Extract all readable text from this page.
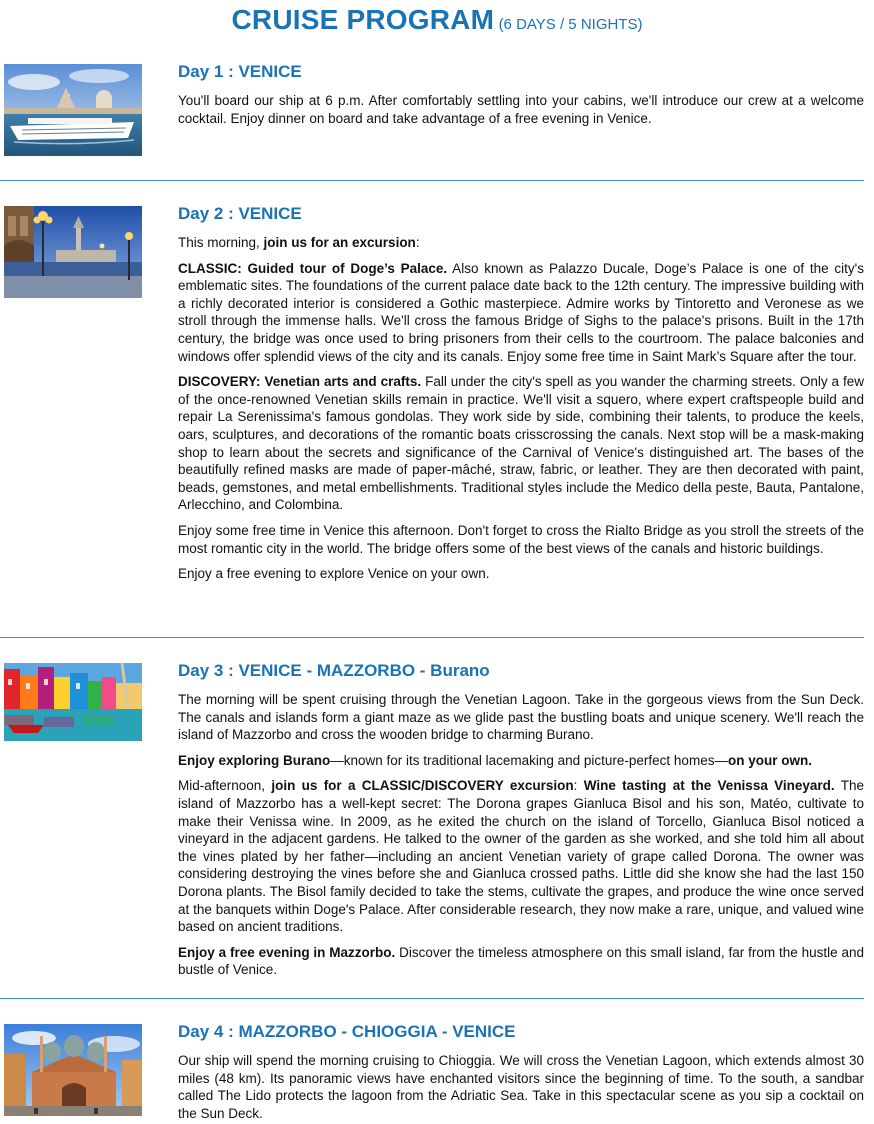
CRUISE PROGRAM (6 DAYS / 5 NIGHTS)
Day 1 : VENICE

You'll board our ship at 6 p.m. After comfortably settling into your cabins, we'll introduce our crew at a welcome cocktail. Enjoy dinner on board and take advantage of a free evening in Venice.

Day 2 : VENICE

This morning, join us for an excursion:

CLASSIC: Guided tour of Doge’s Palace. Also known as Palazzo Ducale, Doge’s Palace is one of the city's emblematic sites. The foundations of the current palace date back to the 12th century. The impressive building with a richly decorated interior is considered a Gothic masterpiece. Admire works by Tintoretto and Veronese as we stroll through the immense halls. We'll cross the famous Bridge of Sighs to the palace's prisons. Built in the 17th century, the bridge was once used to bring prisoners from their cells to the courtroom. The palace balconies and windows offer splendid views of the city and its canals. Enjoy some free time in Saint Mark’s Square after the tour.

DISCOVERY: Venetian arts and crafts. Fall under the city's spell as you wander the charming streets. Only a few of the once-renowned Venetian skills remain in practice. We'll visit a squero, where expert craftspeople build and repair La Serenissima's famous gondolas. They work side by side, combining their talents, to produce the keels, oars, sculptures, and decorations of the romantic boats crisscrossing the canals. Next stop will be a mask-making shop to learn about the secrets and significance of the Carnival of Venice's distinguished art. The bases of the beautifully refined masks are made of paper-mâché, straw, fabric, or leather. They are then decorated with paint, beads, gemstones, and metal embellishments. Traditional styles include the Medico della peste, Bauta, Pantalone, Arlecchino, and Colombina.

Enjoy some free time in Venice this afternoon. Don't forget to cross the Rialto Bridge as you stroll the streets of the most romantic city in the world. The bridge offers some of the best views of the canals and historic buildings.

Enjoy a free evening to explore Venice on your own.

Day 3 : VENICE - MAZZORBO - Burano

The morning will be spent cruising through the Venetian Lagoon. Take in the gorgeous views from the Sun Deck. The canals and islands form a giant maze as we glide past the bustling boats and unique scenery. We'll reach the island of Mazzorbo and cross the wooden bridge to charming Burano.

Enjoy exploring Burano—known for its traditional lacemaking and picture-perfect homes—on your own.

Mid-afternoon, join us for a CLASSIC/DISCOVERY excursion: Wine tasting at the Venissa Vineyard. The island of Mazzorbo has a well-kept secret: The Dorona grapes Gianluca Bisol and his son, Matéo, cultivate to make their Venissa wine. In 2009, as he exited the church on the island of Torcello, Gianluca Bisol noticed a vineyard in the adjacent gardens. He talked to the owner of the garden as she worked, and she told him all about the vines plated by her father—including an ancient Venetian variety of grape called Dorona. The owner was considering destroying the vines before she and Gianluca crossed paths. Little did she know she had the last 150 Dorona plants. The Bisol family decided to take the stems, cultivate the grapes, and produce the wine once served at the banquets within Doge's Palace. After considerable research, they now make a rare, unique, and valued wine based on ancient traditions.

Enjoy a free evening in Mazzorbo. Discover the timeless atmosphere on this small island, far from the hustle and bustle of Venice.

Day 4 : MAZZORBO - CHIOGGIA - VENICE

Our ship will spend the morning cruising to Chioggia. We will cross the Venetian Lagoon, which extends almost 30 miles (48 km). Its panoramic views have enchanted visitors since the beginning of time. To the south, a sandbar called The Lido protects the lagoon from the Adriatic Sea. Take in this spectacular scene as you sip a cocktail on the Sun Deck.
